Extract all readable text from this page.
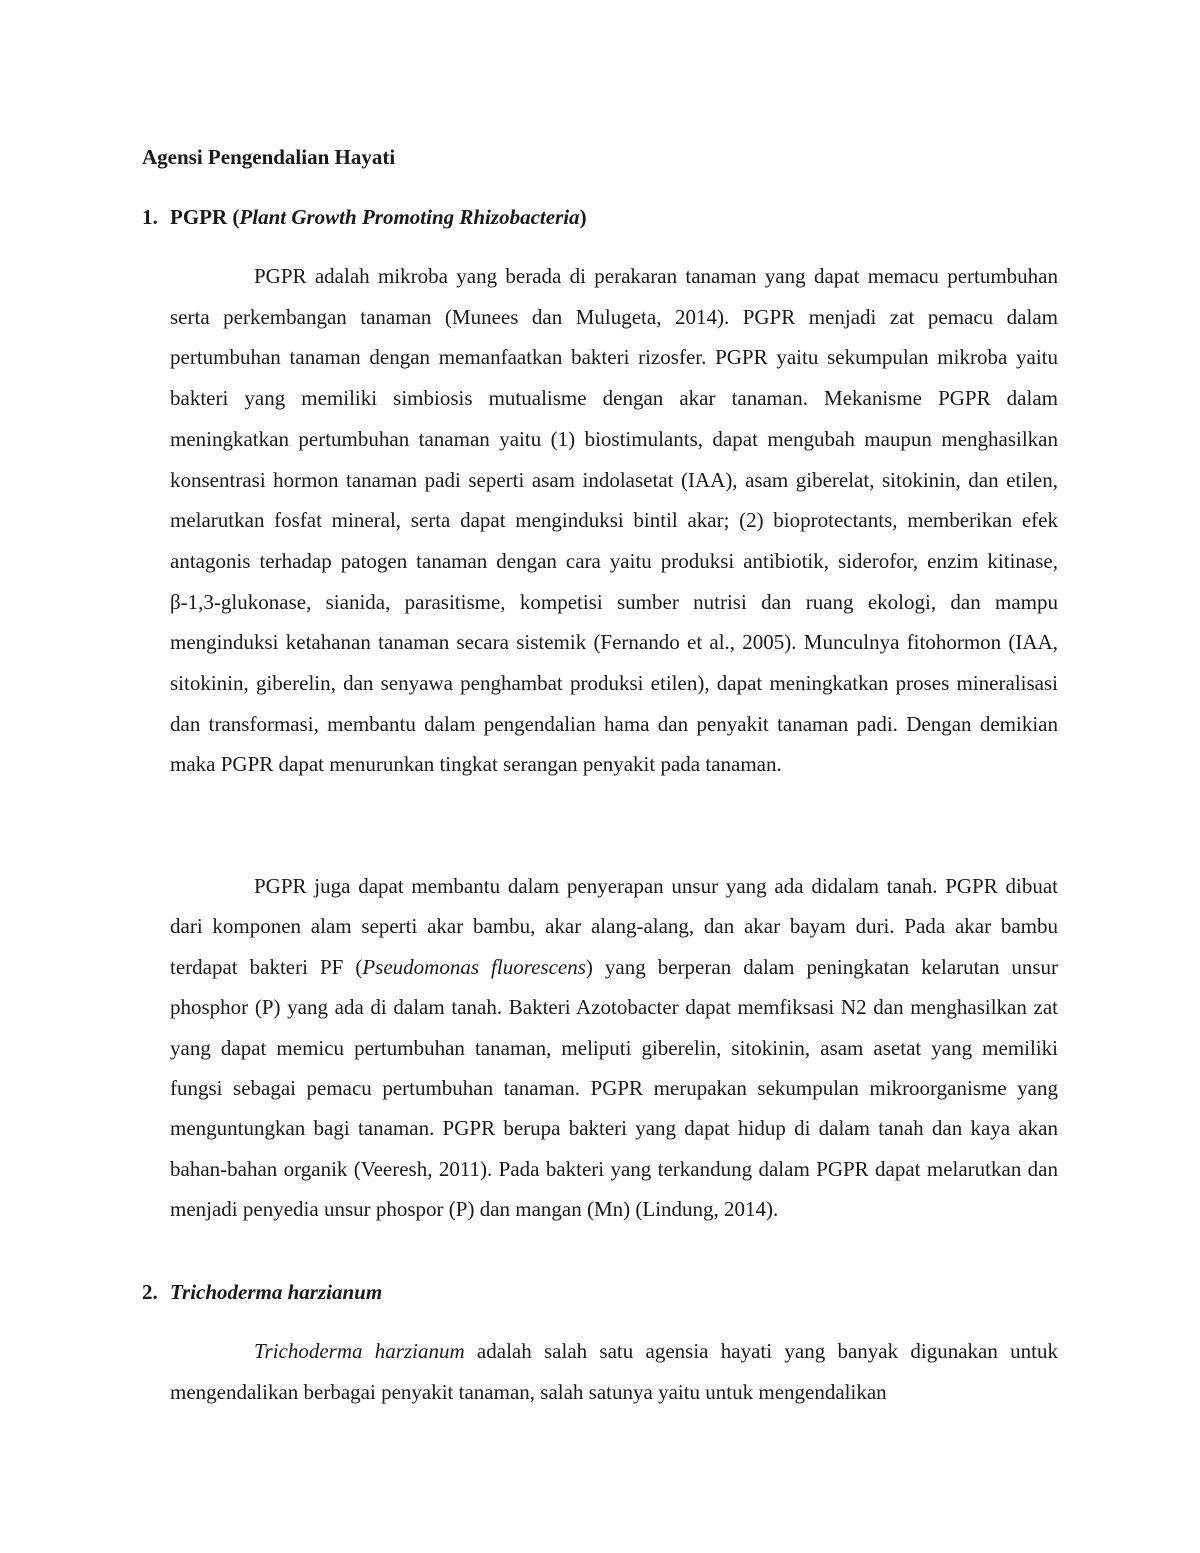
Agensi Pengendalian Hayati
1. PGPR (Plant Growth Promoting Rhizobacteria)

PGPR adalah mikroba yang berada di perakaran tanaman yang dapat memacu pertumbuhan serta perkembangan tanaman (Munees dan Mulugeta, 2014). PGPR menjadi zat pemacu dalam pertumbuhan tanaman dengan memanfaatkan bakteri rizosfer. PGPR yaitu sekumpulan mikroba yaitu bakteri yang memiliki simbiosis mutualisme dengan akar tanaman. Mekanisme PGPR dalam meningkatkan pertumbuhan tanaman yaitu (1) biostimulants, dapat mengubah maupun menghasilkan konsentrasi hormon tanaman padi seperti asam indolasetat (IAA), asam giberelat, sitokinin, dan etilen, melarutkan fosfat mineral, serta dapat menginduksi bintil akar; (2) bioprotectants, memberikan efek antagonis terhadap patogen tanaman dengan cara yaitu produksi antibiotik, siderofor, enzim kitinase, β-1,3-glukonase, sianida, parasitisme, kompetisi sumber nutrisi dan ruang ekologi, dan mampu menginduksi ketahanan tanaman secara sistemik (Fernando et al., 2005). Munculnya fitohormon (IAA, sitokinin, giberelin, dan senyawa penghambat produksi etilen), dapat meningkatkan proses mineralisasi dan transformasi, membantu dalam pengendalian hama dan penyakit tanaman padi. Dengan demikian maka PGPR dapat menurunkan tingkat serangan penyakit pada tanaman.

PGPR juga dapat membantu dalam penyerapan unsur yang ada didalam tanah. PGPR dibuat dari komponen alam seperti akar bambu, akar alang-alang, dan akar bayam duri. Pada akar bambu terdapat bakteri PF (Pseudomonas fluorescens) yang berperan dalam peningkatan kelarutan unsur phosphor (P) yang ada di dalam tanah. Bakteri Azotobacter dapat memfiksasi N2 dan menghasilkan zat yang dapat memicu pertumbuhan tanaman, meliputi giberelin, sitokinin, asam asetat yang memiliki fungsi sebagai pemacu pertumbuhan tanaman. PGPR merupakan sekumpulan mikroorganisme yang menguntungkan bagi tanaman. PGPR berupa bakteri yang dapat hidup di dalam tanah dan kaya akan bahan-bahan organik (Veeresh, 2011). Pada bakteri yang terkandung dalam PGPR dapat melarutkan dan menjadi penyedia unsur phospor (P) dan mangan (Mn) (Lindung, 2014).

2. Trichoderma harzianum

Trichoderma harzianum adalah salah satu agensia hayati yang banyak digunakan untuk mengendalikan berbagai penyakit tanaman, salah satunya yaitu untuk mengendalikan
